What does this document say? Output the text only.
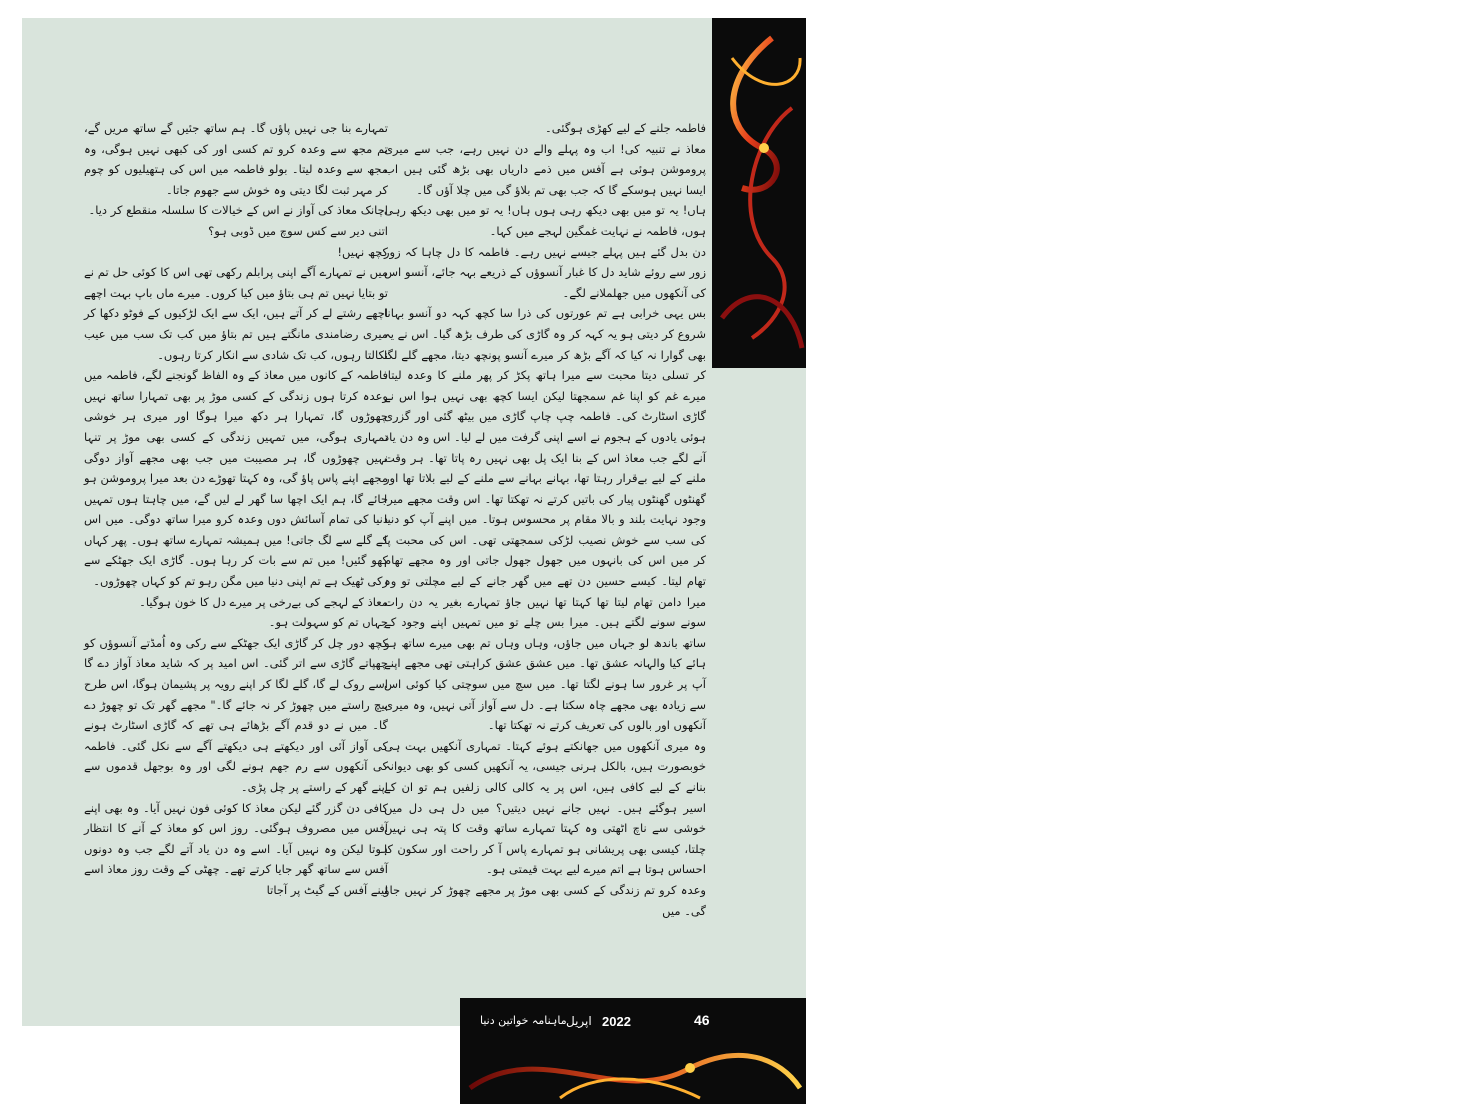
کہانیاں

فاطمہ جلنے کے لیے کھڑی ہوگئی۔

معاذ نے تنبیہ کی! اب وہ پہلے والے دن نہیں رہے، جب سے میری پروموشن ہوئی ہے آفس میں ذمے داریاں بھی بڑھ گئی ہیں اب ایسا نہیں ہوسکے گا کہ جب بھی تم بلاؤ گی میں چلا آؤں گا۔

ہاں! یہ تو میں بھی دیکھ رہی ہوں ہاں! یہ تو میں بھی دیکھ رہی ہوں، فاطمہ نے نہایت غمگین لہجے میں کہا۔

دن بدل گئے ہیں پہلے جیسے نہیں رہے۔ فاطمہ کا دل چاہا کہ زور زور سے روئے شاید دل کا غبار آنسوؤں کے ذریعے بہہ جائے، آنسو اس کی آنکھوں میں جھلملانے لگے۔

بس یہی خرابی ہے تم عورتوں کی ذرا سا کچھ کہہ دو آنسو بہانا شروع کر دیتی ہو یہ کہہ کر وہ گاڑی کی طرف بڑھ گیا۔ اس نے یہ بھی گوارا نہ کیا کہ آگے بڑھ کر میرے آنسو پونچھ دیتا، مجھے گلے لگا کر تسلی دیتا محبت سے میرا ہاتھ پکڑ کر پھر ملنے کا وعدہ لیتا، میرے غم کو اپنا غم سمجھتا لیکن ایسا کچھ بھی نہیں ہوا اس نے گاڑی اسٹارٹ کی۔ فاطمہ چپ چاپ گاڑی میں بیٹھ گئی اور گزری ہوئی یادوں کے ہجوم نے اسے اپنی گرفت میں لے لیا۔ اس وہ دن یاد آنے لگے جب معاذ اس کے بنا ایک پل بھی نہیں رہ پاتا تھا۔ ہر وقت ملنے کے لیے بےقرار رہتا تھا، بہانے بہانے سے ملنے کے لیے بلاتا تھا اور گھنٹوں گھنٹوں پیار کی باتیں کرتے نہ تھکتا تھا۔ اس وقت مجھے میرا وجود نہایت بلند و بالا مقام پر محسوس ہوتا۔ میں اپنے آپ کو دنیا کی سب سے خوش نصیب لڑکی سمجھتی تھی۔ اس کی محبت پا کر میں اس کی بانہوں میں جھول جھول جاتی اور وہ مجھے تھام تھام لیتا۔ کیسے حسین دن تھے میں گھر جانے کے لیے مچلتی تو وہ میرا دامن تھام لیتا تھا کہتا تھا نہیں جاؤ تمہارے بغیر یہ دن رات سونے سونے لگتے ہیں۔ میرا بس چلے تو میں تمہیں اپنے وجود کے ساتھ باندھ لو جہاں میں جاؤں، وہاں وہاں تم بھی میرے ساتھ ہو ہائے کیا والہانہ عشق تھا۔ میں عشق عشق کراہتی تھی مجھے اپنے آپ پر غرور سا ہونے لگتا تھا۔ میں سچ میں سوچتی کیا کوئی اس سے زیادہ بھی مجھے چاہ سکتا ہے۔ دل سے آواز آتی نہیں، وہ میری آنکھوں اور بالوں کی تعریف کرتے نہ تھکتا تھا۔

وہ میری آنکھوں میں جھانکتے ہوئے کہتا۔ تمہاری آنکھیں بہت ہی خوبصورت ہیں، بالکل ہرنی جیسی، یہ آنکھیں کسی کو بھی دیوانہ بنانے کے لیے کافی ہیں، اس پر یہ کالی کالی زلفیں ہم تو ان کے اسیر ہوگئے ہیں۔ نہیں جانے نہیں دیتیں؟ میں دل ہی دل میں خوشی سے ناچ اٹھتی وہ کہتا تمہارے ساتھ وقت کا پتہ ہی نہیں چلتا، کیسی بھی پریشانی ہو تمہارے پاس آ کر راحت اور سکون کا احساس ہوتا ہے اتم میرے لیے بہت قیمتی ہو۔

وعدہ کرو تم زندگی کے کسی بھی موڑ پر مجھے چھوڑ کر نہیں جاؤ گی۔ میں

تمہارے بنا جی نہیں پاؤں گا۔ ہم ساتھ جئیں گے ساتھ مریں گے، تم مجھ سے وعدہ کرو تم کسی اور کی کبھی نہیں ہوگی، وہ مجھ سے وعدہ لیتا۔ بولو فاطمہ میں اس کی ہتھیلیوں کو چوم کر مہر ثبت لگا دیتی وہ خوش سے جھوم جاتا۔

اچانک معاذ کی آواز نے اس کے خیالات کا سلسلہ منقطع کر دیا۔

اتنی دیر سے کس سوچ میں ڈوبی ہو؟

کچھ نہیں!

میں نے تمہارے آگے اپنی پرابلم رکھی تھی اس کا کوئی حل تم نے تو بتایا نہیں تم ہی بتاؤ میں کیا کروں۔ میرے ماں باپ بہت اچھے اچھے رشتے لے کر آتے ہیں، ایک سے ایک لڑکیوں کے فوٹو دکھا کر میری رضامندی مانگتے ہیں تم بتاؤ میں کب تک سب میں عیب نکالتا رہوں، کب تک شادی سے انکار کرتا رہوں۔

فاطمہ کے کانوں میں معاذ کے وہ الفاظ گونجنے لگے، فاطمہ میں وعدہ کرتا ہوں زندگی کے کسی موڑ پر بھی تمہارا ساتھ نہیں چھوڑوں گا، تمہارا ہر دکھ میرا ہوگا اور میری ہر خوشی تمہاری ہوگی، میں تمہیں زندگی کے کسی بھی موڑ پر تنہا نہیں چھوڑوں گا، ہر مصیبت میں جب بھی مجھے آواز دوگی مجھے اپنے پاس پاؤ گی، وہ کہتا تھوڑے دن بعد میرا پروموشن ہو جائے گا، ہم ایک اچھا سا گھر لے لیں گے، میں چاہتا ہوں تمہیں دنیا کی تمام آسائش دوں وعدہ کرو میرا ساتھ دوگی۔ میں اس کے گلے سے لگ جاتی! میں ہمیشہ تمہارے ساتھ ہوں۔ پھر کہاں کھو گئیں! میں تم سے بات کر رہا ہوں۔ گاڑی ایک جھٹکے سے رکی ٹھیک ہے تم اپنی دنیا میں مگن رہو تم کو کہاں چھوڑوں۔

معاذ کے لہجے کی بےرخی پر میرے دل کا خون ہوگیا۔

جہاں تم کو سہولت ہو۔

کچھ دور چل کر گاڑی ایک جھٹکے سے رکی وہ اُمڈتے آنسوؤں کو چھپاتے گاڑی سے اتر گئی۔ اس امید پر کہ شاید معاذ آواز دے گا اسے روک لے گا، گلے لگا کر اپنے رویہ پر پشیمان ہوگا، اس طرح بیچ راستے میں چھوڑ کر نہ جائے گا۔" مجھے گھر تک تو چھوڑ دے گا۔ میں نے دو قدم آگے بڑھائے ہی تھے کہ گاڑی اسٹارٹ ہونے کی آواز آئی اور دیکھتے ہی دیکھتے آگے سے نکل گئی۔ فاطمہ کی آنکھوں سے رم جھم ہونے لگی اور وہ بوجھل قدموں سے اپنے گھر کے راستے پر چل پڑی۔

کافی دن گزر گئے لیکن معاذ کا کوئی فون نہیں آیا۔ وہ بھی اپنے آفس میں مصروف ہوگئی۔ روز اس کو معاذ کے آنے کا انتظار ہوتا لیکن وہ نہیں آیا۔ اسے وہ دن یاد آتے لگے جب وہ دونوں آفس سے ساتھ گھر جایا کرتے تھے۔ چھٹی کے وقت روز معاذ اسے لینے آفس کے گیٹ پر آجاتا

46
2022
اپریل
ماہنامہ خواتین دنیا
